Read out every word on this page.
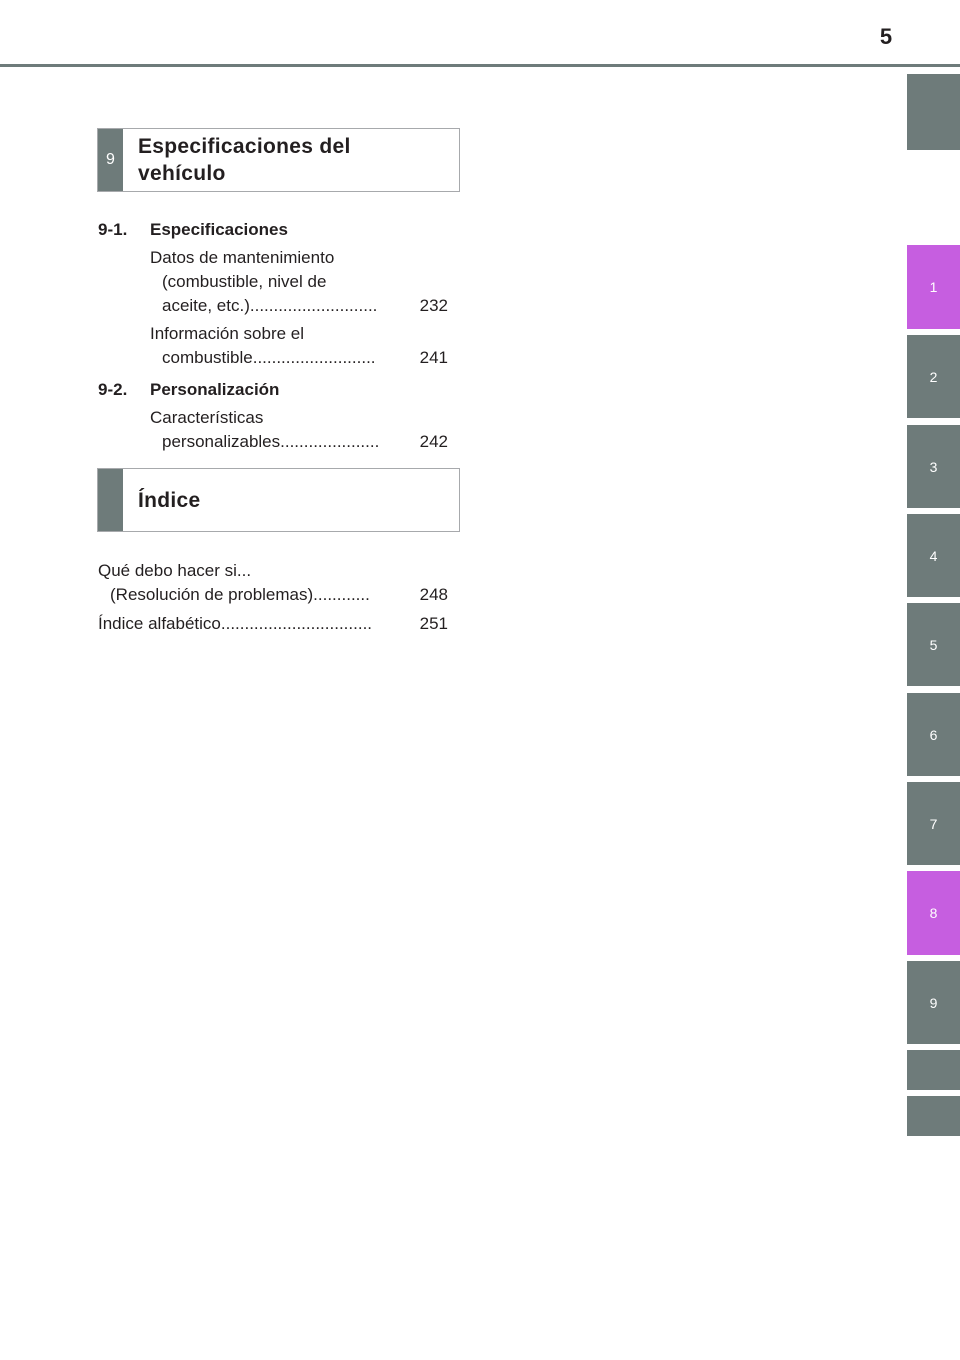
5
1
2
3
4
5
6
7
8
9
9
Especificaciones del
vehículo
9-1. Especificaciones
Datos de mantenimiento
(combustible, nivel de
aceite, etc.) ...........................	232
Información sobre el
combustible ..........................	241
9-2. Personalización
Características
personalizables .....................	242
Índice
Qué debo hacer si...
(Resolución de problemas) ............	248
Índice alfabético ................................	251
